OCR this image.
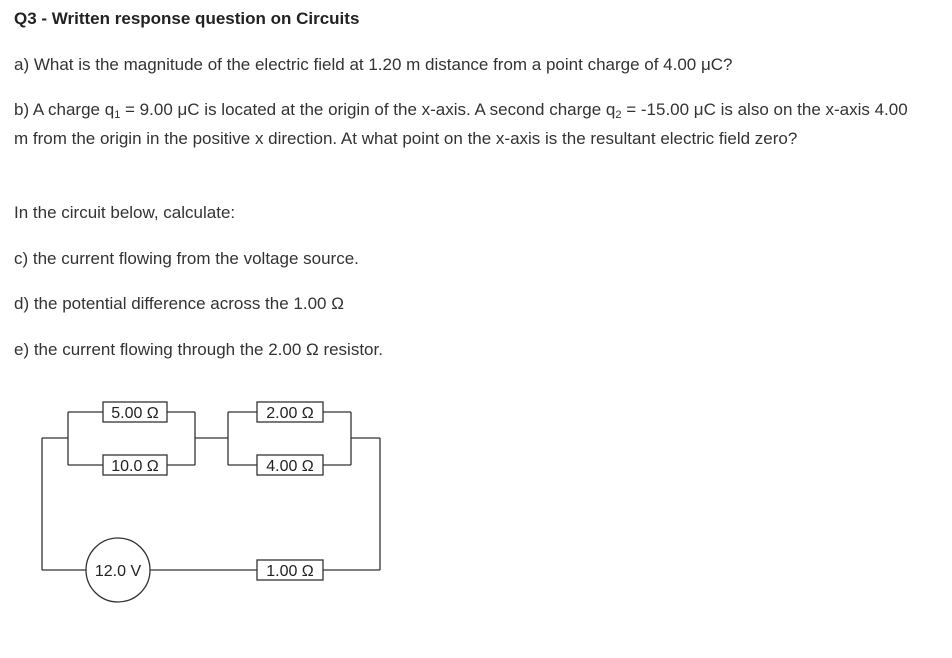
Q3 - Written response question on Circuits
a) What is the magnitude of the electric field at 1.20 m distance from a point charge of 4.00 μC?
b) A charge $q_1 = 9.00$ μC is located at the origin of the x-axis. A second charge $q_2 = -15.00$ μC is also on the x-axis 4.00 m from the origin in the positive x direction. At what point on the x-axis is the resultant electric field zero?
In the circuit below, calculate:
c) the current flowing from the voltage source.
d) the potential difference across the 1.00 Ω
e) the current flowing through the 2.00 Ω resistor.
5.00 Ω
10.0 Ω
2.00 Ω
4.00 Ω
1.00 Ω
12.0 V
